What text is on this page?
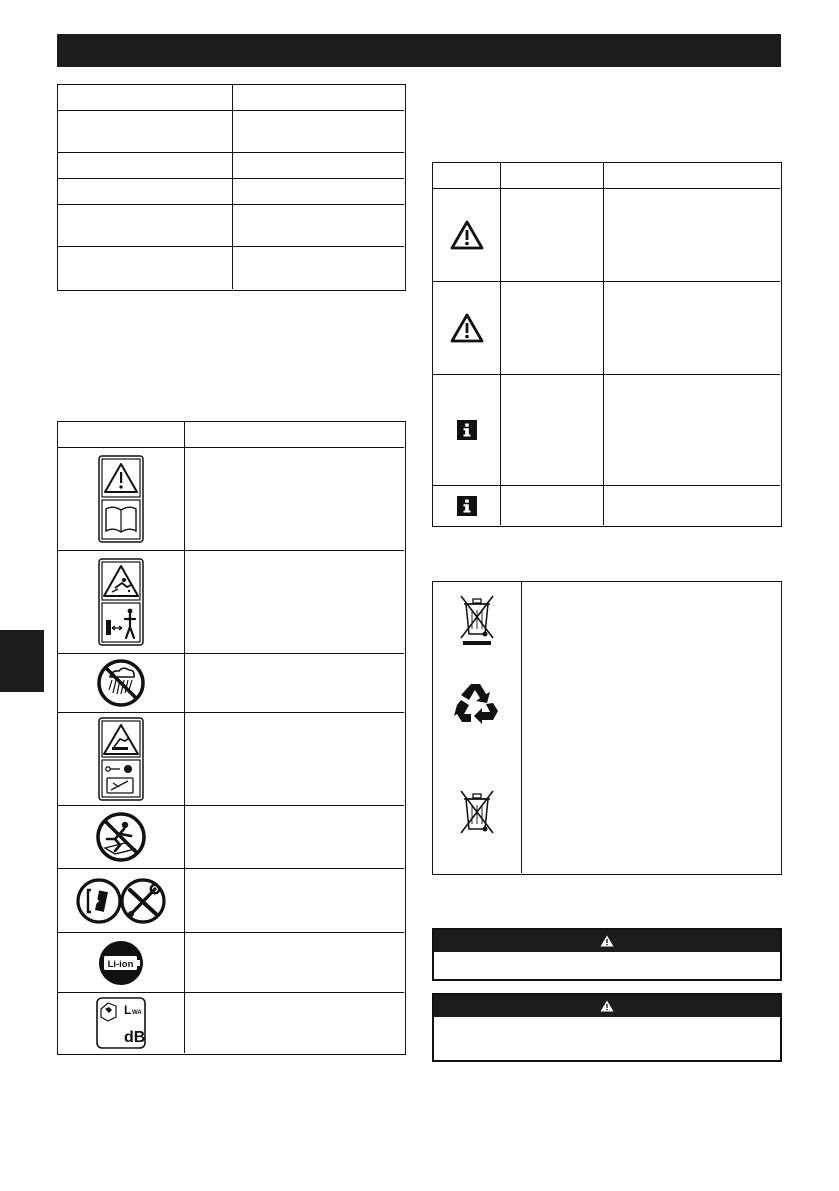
Li-ion
L WA
dB
